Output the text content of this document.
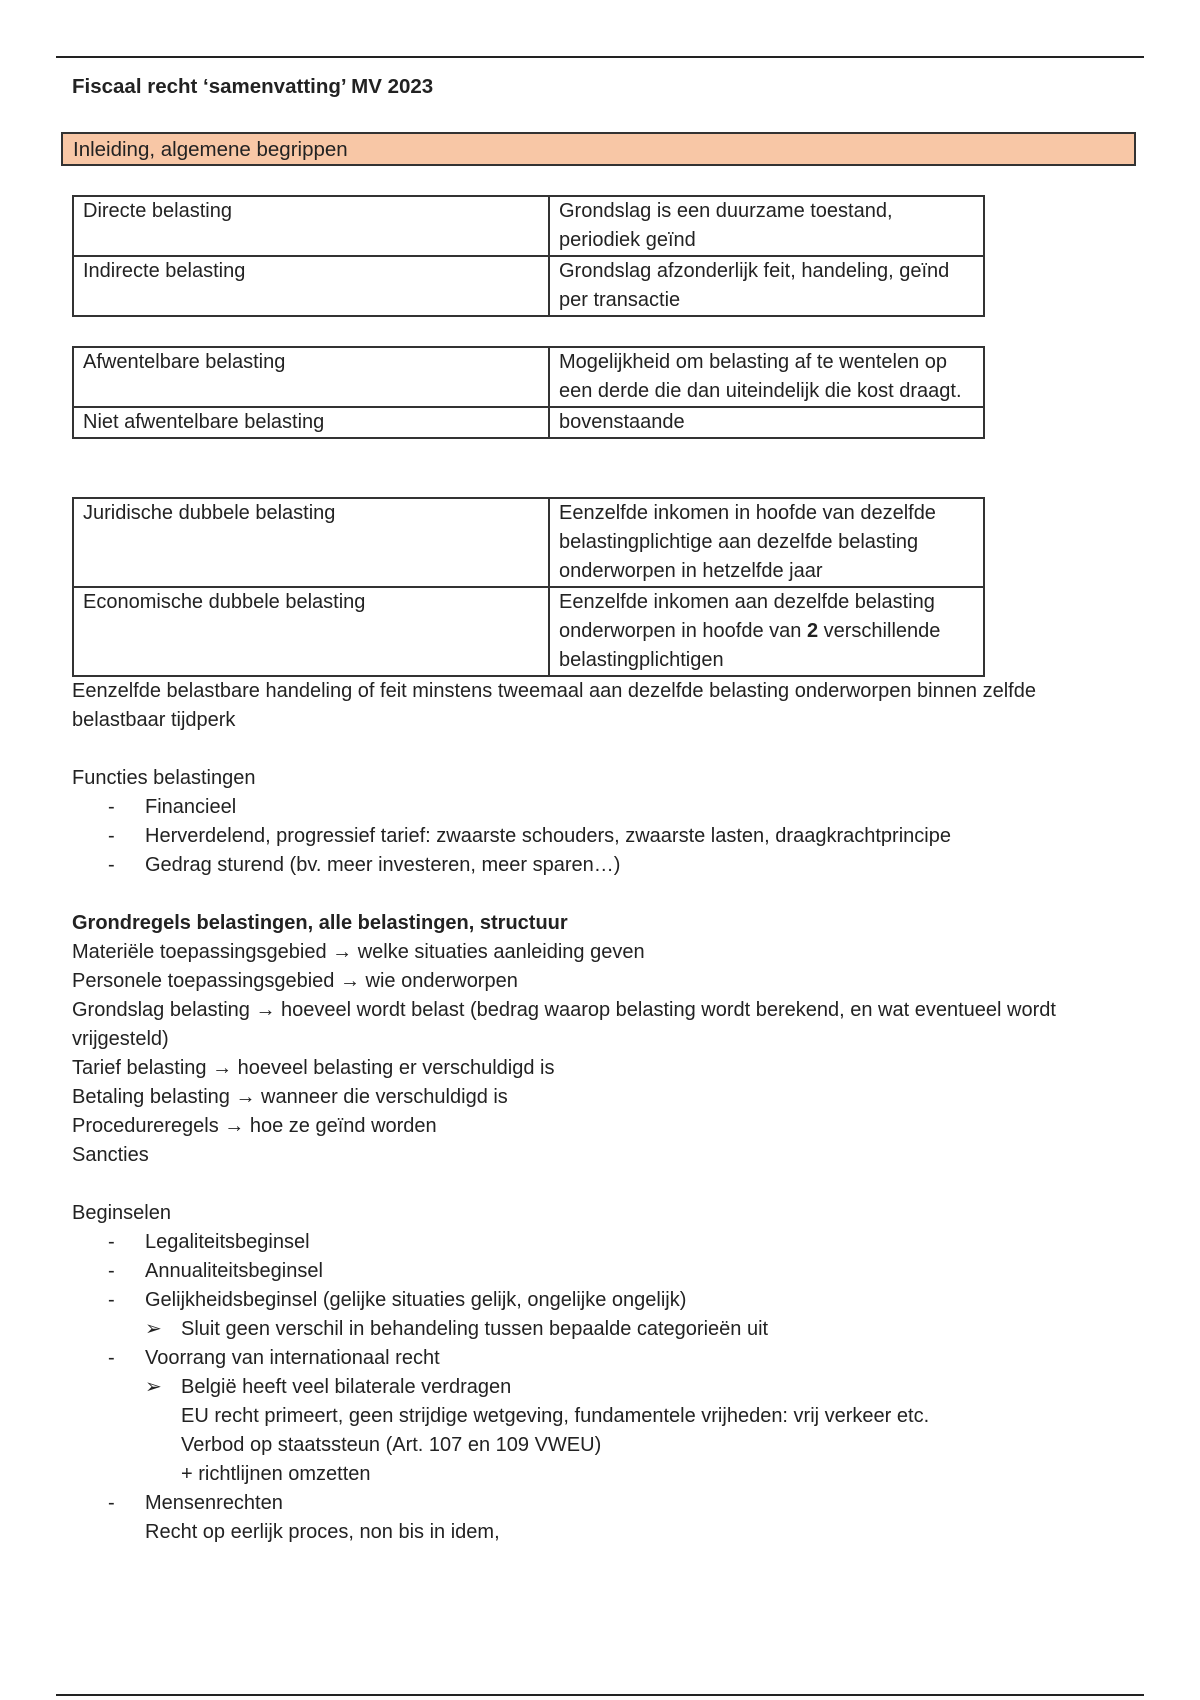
Fiscaal recht ‘samenvatting’ MV 2023
Inleiding, algemene begrippen
Directe belasting	Grondslag is een duurzame toestand, periodiek geïnd
Indirecte belasting	Grondslag afzonderlijk feit, handeling, geïnd per transactie
Afwentelbare belasting	Mogelijkheid om belasting af te wentelen op een derde die dan uiteindelijk die kost draagt.
Niet afwentelbare belasting	bovenstaande
Juridische dubbele belasting	Eenzelfde inkomen in hoofde van dezelfde belastingplichtige aan dezelfde belasting onderworpen in hetzelfde jaar
Economische dubbele belasting	Eenzelfde inkomen aan dezelfde belasting onderworpen in hoofde van 2 verschillende belastingplichtigen

Eenzelfde belastbare handeling of feit minstens tweemaal aan dezelfde belasting onderworpen binnen zelfde belastbaar tijdperk

Functies belastingen

- Financieel
- Herverdelend, progressief tarief: zwaarste schouders, zwaarste lasten, draagkrachtprincipe
- Gedrag sturend (bv. meer investeren, meer sparen…)

Grondregels belastingen, alle belastingen, structuur

Materiële toepassingsgebied → welke situaties aanleiding geven

Personele toepassingsgebied → wie onderworpen

Grondslag belasting → hoeveel wordt belast (bedrag waarop belasting wordt berekend, en wat eventueel wordt vrijgesteld)

Tarief belasting → hoeveel belasting er verschuldigd is

Betaling belasting → wanneer die verschuldigd is

Procedureregels → hoe ze geïnd worden

Sancties

Beginselen

- Legaliteitsbeginsel
- Annualiteitsbeginsel
- Gelijkheidsbeginsel (gelijke situaties gelijk, ongelijke ongelijk)
➢ Sluit geen verschil in behandeling tussen bepaalde categorieën uit
- Voorrang van internationaal recht
➢ België heeft veel bilaterale verdragen

EU recht primeert, geen strijdige wetgeving, fundamentele vrijheden: vrij verkeer etc.

Verbod op staatssteun (Art. 107 en 109 VWEU)

+ richtlijnen omzetten

- Mensenrechten

Recht op eerlijk proces, non bis in idem,
